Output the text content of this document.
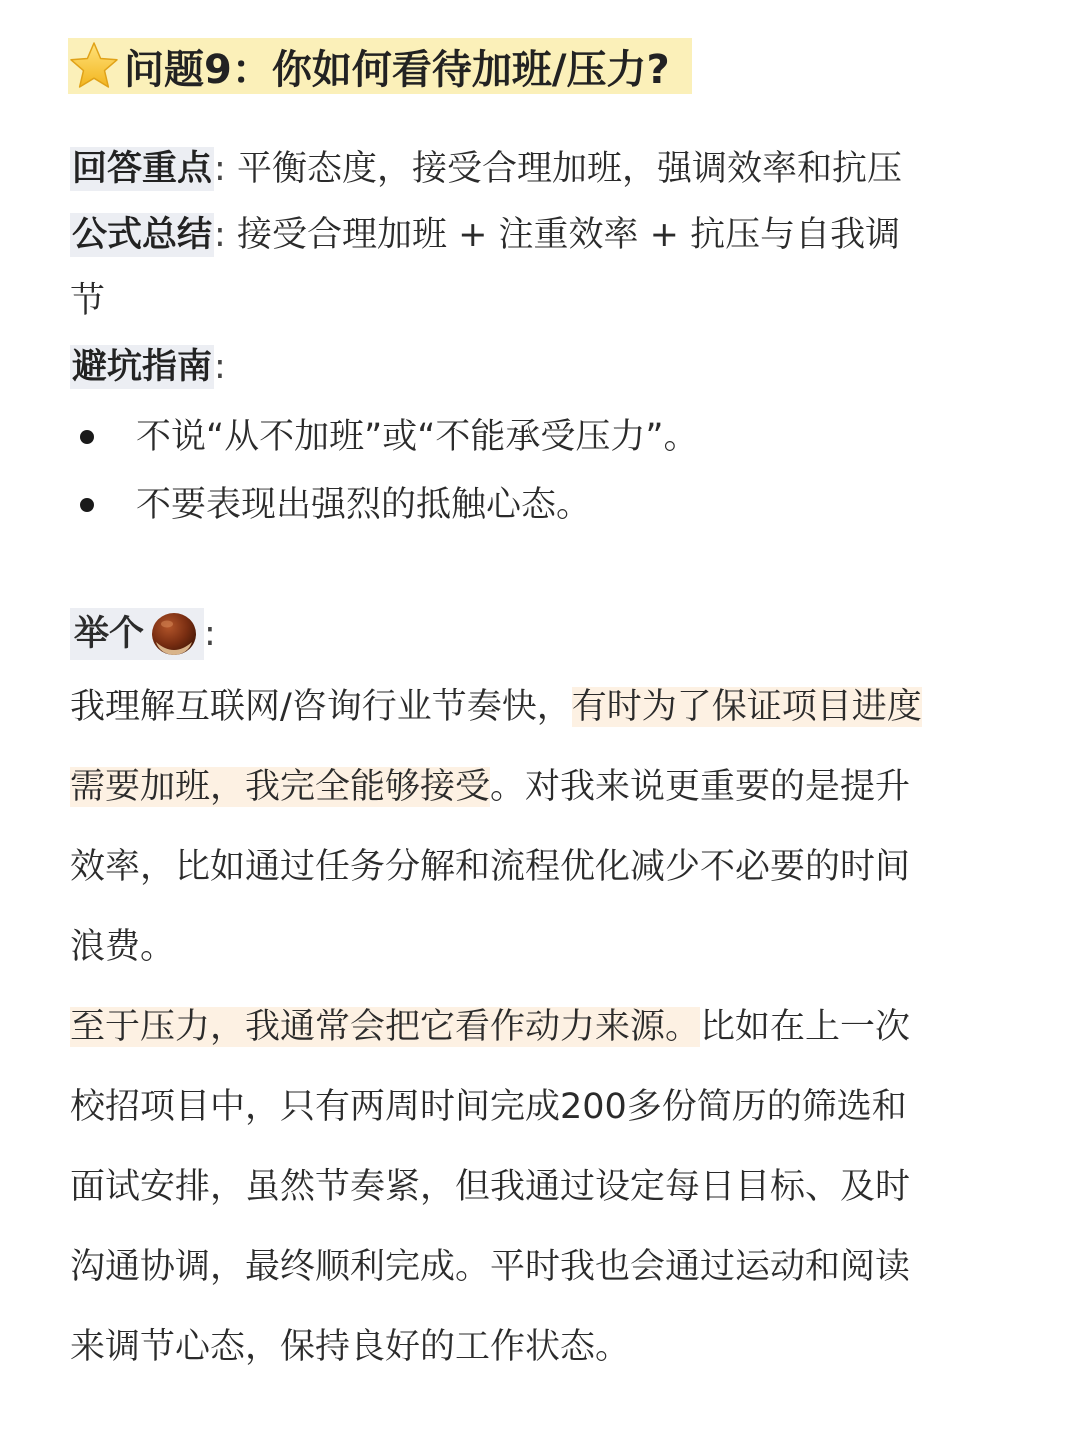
问题9：你如何看待加班/压力?
回答重点: 平衡态度，接受合理加班，强调效率和抗压
公式总结: 接受合理加班 + 注重效率 + 抗压与自我调
节
避坑指南:
不说“从不加班”或“不能承受压力”。
不要表现出强烈的抵触心态。
举个 :
我理解互联网/咨询行业节奏快，有时为了保证项目进度
需要加班，我完全能够接受。对我来说更重要的是提升
效率，比如通过任务分解和流程优化减少不必要的时间
浪费。
至于压力，我通常会把它看作动力来源。比如在上一次
校招项目中，只有两周时间完成200多份简历的筛选和
面试安排，虽然节奏紧，但我通过设定每日目标、及时
沟通协调，最终顺利完成。平时我也会通过运动和阅读
来调节心态，保持良好的工作状态。
